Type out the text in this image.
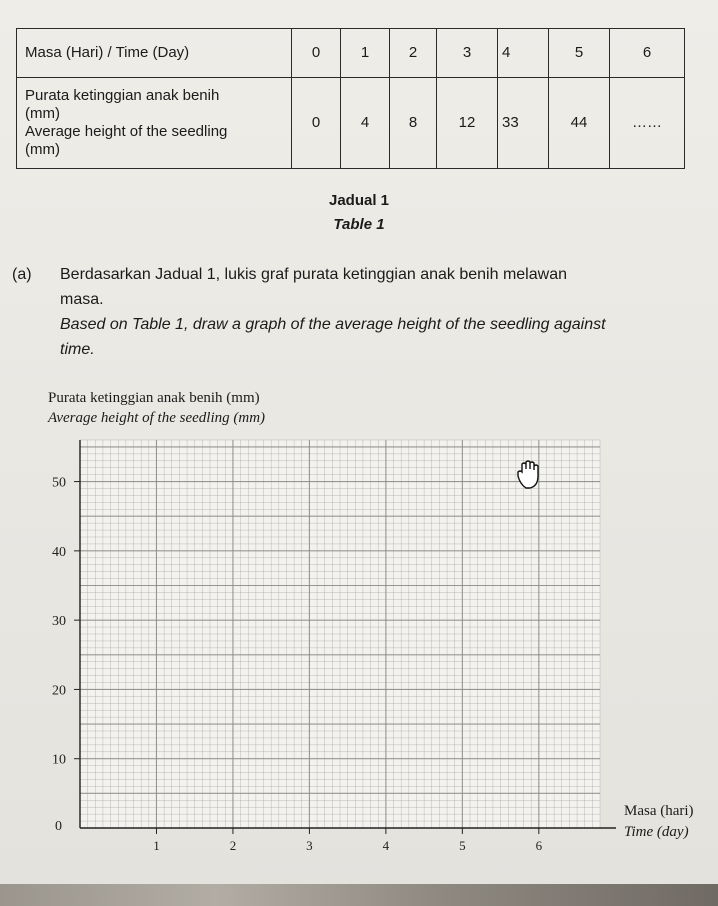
Masa (Hari) / Time (Day)	0	1	2	3	4	5	6

Purata ketinggian anak benih
(mm)
Average height of the seedling
(mm)	0	4	8	12	33	44	……
Jadual 1
Table 1
(a) Berdasarkan Jadual 1, lukis graf purata ketinggian anak benih melawan
masa.
Based on Table 1, draw a graph of the average height of the seedling against
time.
Purata ketinggian anak benih (mm)
Average height of the seedling (mm)
0
10
20
30
40
50
1	2	3	4	5	6
Masa (hari)
Time (day)
